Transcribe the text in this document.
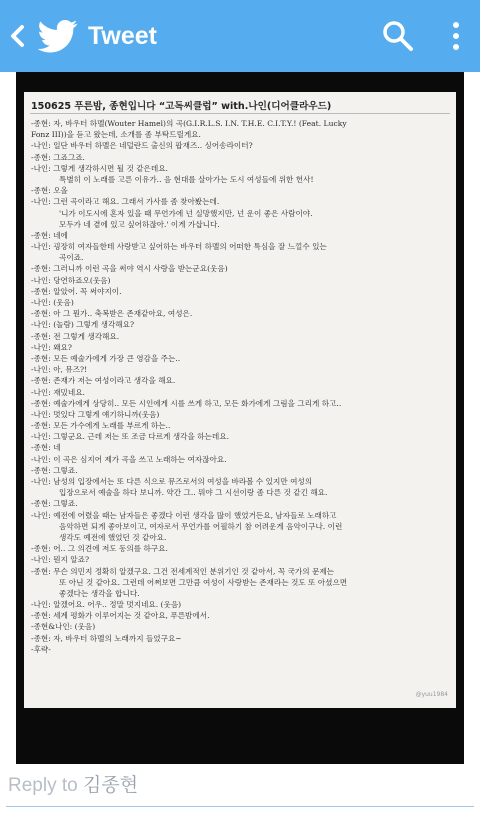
Tweet
150625 푸른밤, 종현입니다 “고독씨클럽” with.나인(디어클라우드)
-종현: 자, 바우터 하멜(Wouter Hamel)의 곡(G.I.R.L.S. I.N. T.H.E. C.I.T.Y.! (Feat. Lucky
Fonz III))을 듣고 왔는데, 소개를 좀 부탁드릴게요.
-나인: 일단 바우터 하멜은 네덜란드 출신의 팝재즈.. 싱어송라이터?
-종현: 그죠그죠.
-나인: 그렇게 생각하시면 될 것 같은데요.
특별히 이 노래를 고른 이유가.. 음 현대를 살아가는 도시 여성들에 위한 헌사!
-종현: 오올
-나인: 그런 곡이라고 해요. 그래서 가사를 좀 찾아봤는데.
'니가 이도시에 혼자 있을 때 무언가에 넌 실망했지만, 넌 운이 좋은 사람이야.
모두가 네 곁에 있고 싶어하잖아.' 이게 가삽니다.
-종현: 네에
-나인: 굉장히 여자들한테 사랑받고 싶어하는 바우터 하멜의 어떠한 특심을 잘 느낄수 있는
곡이죠.
-종현: 그러니까 이런 곡을 써야 역시 사랑을 받는군요(웃음)
-나인: 당연하죠오(웃음)
-종현: 알았어. 꼭 써야지이.
-나인: (웃음)
-종현: 아 그 뭔가.. 축복받은 존재같아요, 여성은.
-나인: (놀람) 그렇게 생각해요?
-종현: 전 그렇게 생각해요.
-나인: 왜요?
-종현: 모든 예술가에게 가장 큰 영감을 주는..
-나인: 아, 뮤즈?!
-종현: 존재가 저는 여성이라고 생각을 해요.
-나인: 재밌네요.
-종현: 예술가에게 상당히.. 모든 시인에게 시를 쓰게 하고, 모든 화가에게 그림을 그리게 하고..
-나인: 멋있다 그렇게 얘기하니까(웃음)
-종현: 모든 가수에게 노래를 부르게 하는..
-나인: 그렇군요. 근데 저는 또 조금 다르게 생각을 하는데요.
-종현: 네
-나인: 이 곡은 심지어 제가 곡을 쓰고 노래하는 여자잖아요.
-종현: 그렇죠.
-나인: 남성의 입장에서는 또 다른 식으로 뮤즈로서의 여성을 바라볼 수 있지만 여성의
입장으로서 예술을 하다 보니까. 약간 그.. 뭐야 그 시선이랑 좀 다른 것 같긴 해요.
-종현: 그렇죠.
-나인: 예전에 어렸을 때는 남자들은 좋겠다 이런 생각을 많이 했었거든요, 남자들로 노래하고
음악하면 되게 좋아보이고, 여자로서 무언가를 어필하기 참 어려운게 음악이구나. 이런
생각도 예전에 했었던 것 같아요.
-종현: 어.. 그 의견에 저도 동의를 하구요.
-나인: 뭔지 알죠?
-종현: 무슨 의민지 정확히 알겠구요. 그건 전세계적인 분위기인 것 같아서, 꼭 국가의 문제는
또 아닌 것 같아요. 그런데 어쩌보면 그만큼 여성이 사랑받는 존재라는 것도 또 아셨으면
좋겠다는 생각을 합니다.
-나인: 알겠어요. 어우.. 정말 멋지네요. (웃음)
-종현: 세계 평화가 이루어지는 것 같아요, 푸른밤에서.
-종현&나인: (웃음)
-종현: 자, 바우터 하멜의 노래까지 들었구요~
-후략-
@yuu1984
Reply to 김종현
